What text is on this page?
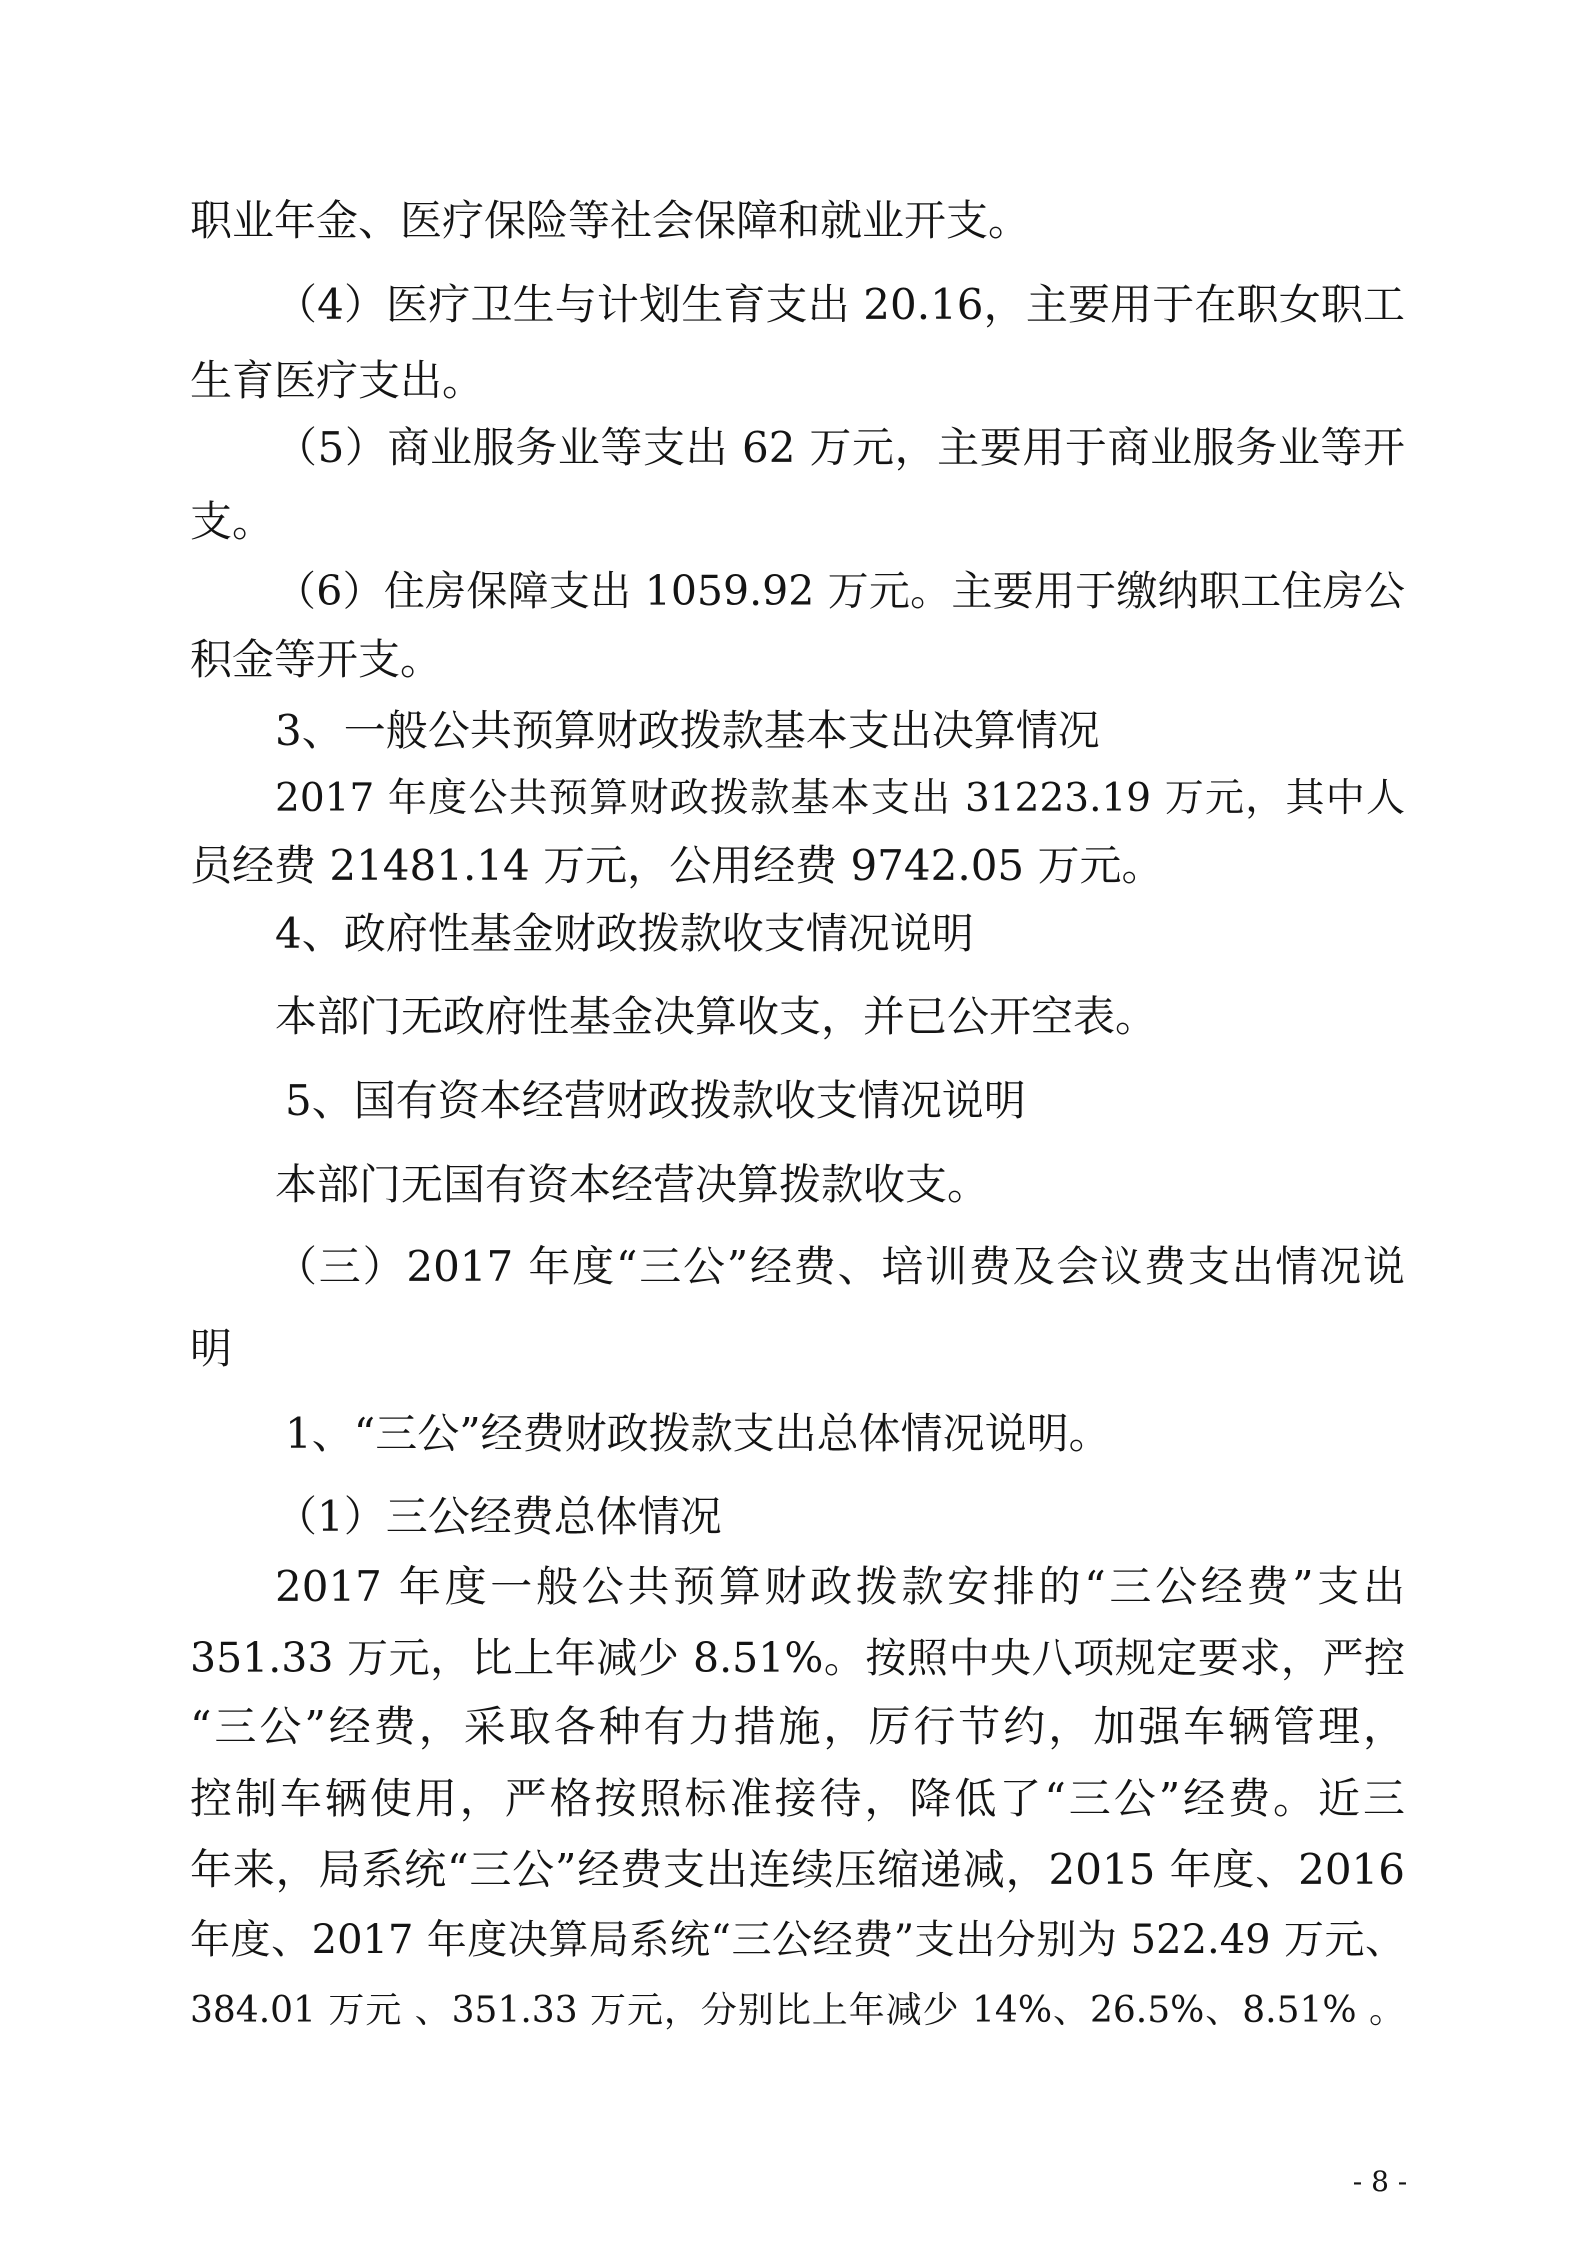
职业年金、医疗保险等社会保障和就业开支。
（4）医疗卫生与计划生育支出 20.16，主要用于在职女职工
生育医疗支出。
（5）商业服务业等支出 62 万元，主要用于商业服务业等开
支。
（6）住房保障支出 1059.92 万元。主要用于缴纳职工住房公
积金等开支。
3、一般公共预算财政拨款基本支出决算情况
2017 年度公共预算财政拨款基本支出 31223.19 万元，其中人
员经费 21481.14 万元，公用经费 9742.05 万元。
4、政府性基金财政拨款收支情况说明
本部门无政府性基金决算收支，并已公开空表。
5、国有资本经营财政拨款收支情况说明
本部门无国有资本经营决算拨款收支。
（三）2017 年度“三公”经费、培训费及会议费支出情况说
明
1、“三公”经费财政拨款支出总体情况说明。
（1）三公经费总体情况
2017 年度一般公共预算财政拨款安排的“三公经费”支出
351.33 万元，比上年减少 8.51%。按照中央八项规定要求，严控
“三公”经费，采取各种有力措施，厉行节约，加强车辆管理，
控制车辆使用，严格按照标准接待，降低了“三公”经费。近三
年来，局系统“三公”经费支出连续压缩递减，2015 年度、2016
年度、2017 年度决算局系统“三公经费”支出分别为 522.49 万元、
384.01 万元 、351.33 万元，分别比上年减少 14%、26.5%、8.51% 。
- 8 -
